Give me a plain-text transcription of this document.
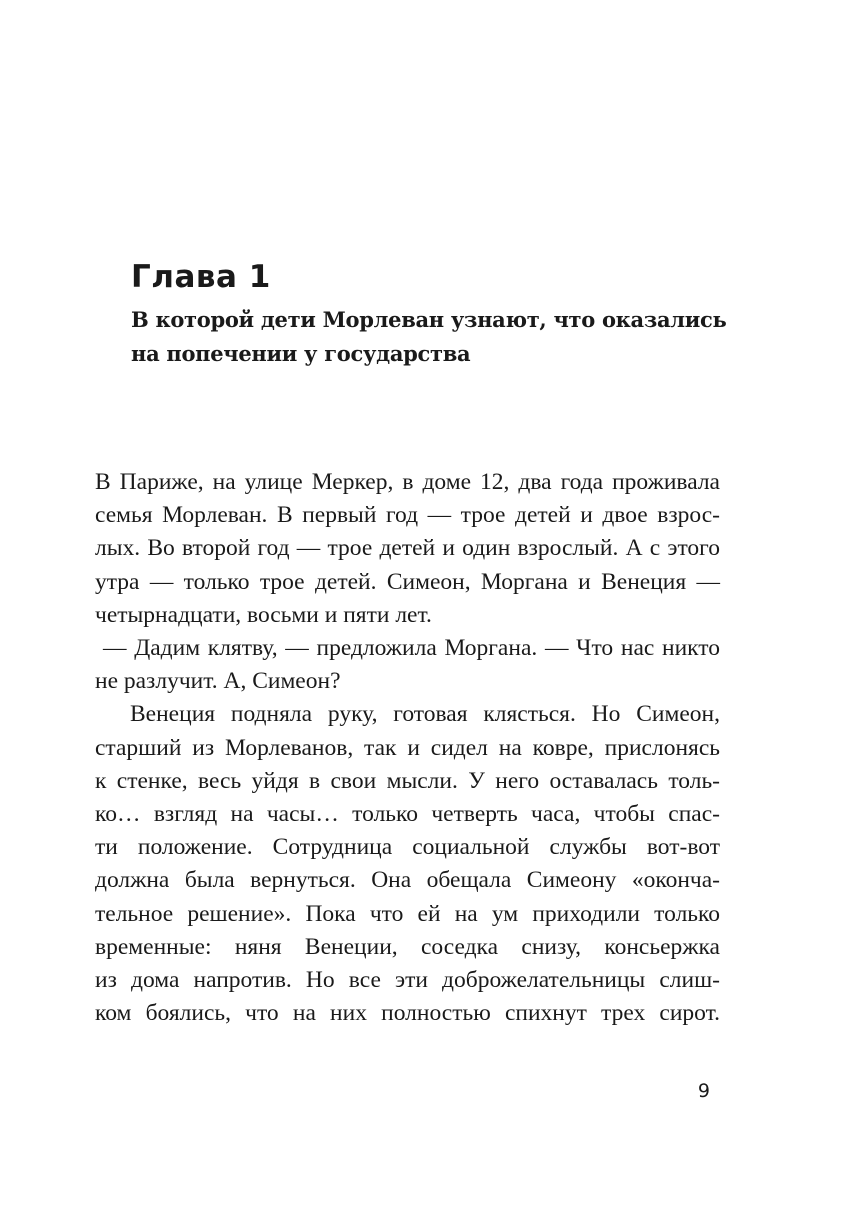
Глава 1

В которой дети Морлеван узнают, что оказались
на попечении у государства

В Париже, на улице Меркер, в доме 12, два года проживала
семья Морлеван. В первый год — трое детей и двое взрос-
лых. Во второй год — трое детей и один взрослый. А с этого
утра — только трое детей. Симеон, Моргана и Венеция —
четырнадцати, восьми и пяти лет.
— Дадим клятву, — предложила Моргана. — Что нас никто
не разлучит. А, Симеон?
Венеция подняла руку, готовая клясться. Но Симеон,
старший из Морлеванов, так и сидел на ковре, прислонясь
к стенке, весь уйдя в свои мысли. У него оставалась толь-
ко… взгляд на часы… только четверть часа, чтобы спас-
ти положение. Сотрудница социальной службы вот-вот
должна была вернуться. Она обещала Симеону «оконча-
тельное решение». Пока что ей на ум приходили только
временные: няня Венеции, соседка снизу, консьержка
из дома напротив. Но все эти доброжелательницы слиш-
ком боялись, что на них полностью спихнут трех сирот.
9
